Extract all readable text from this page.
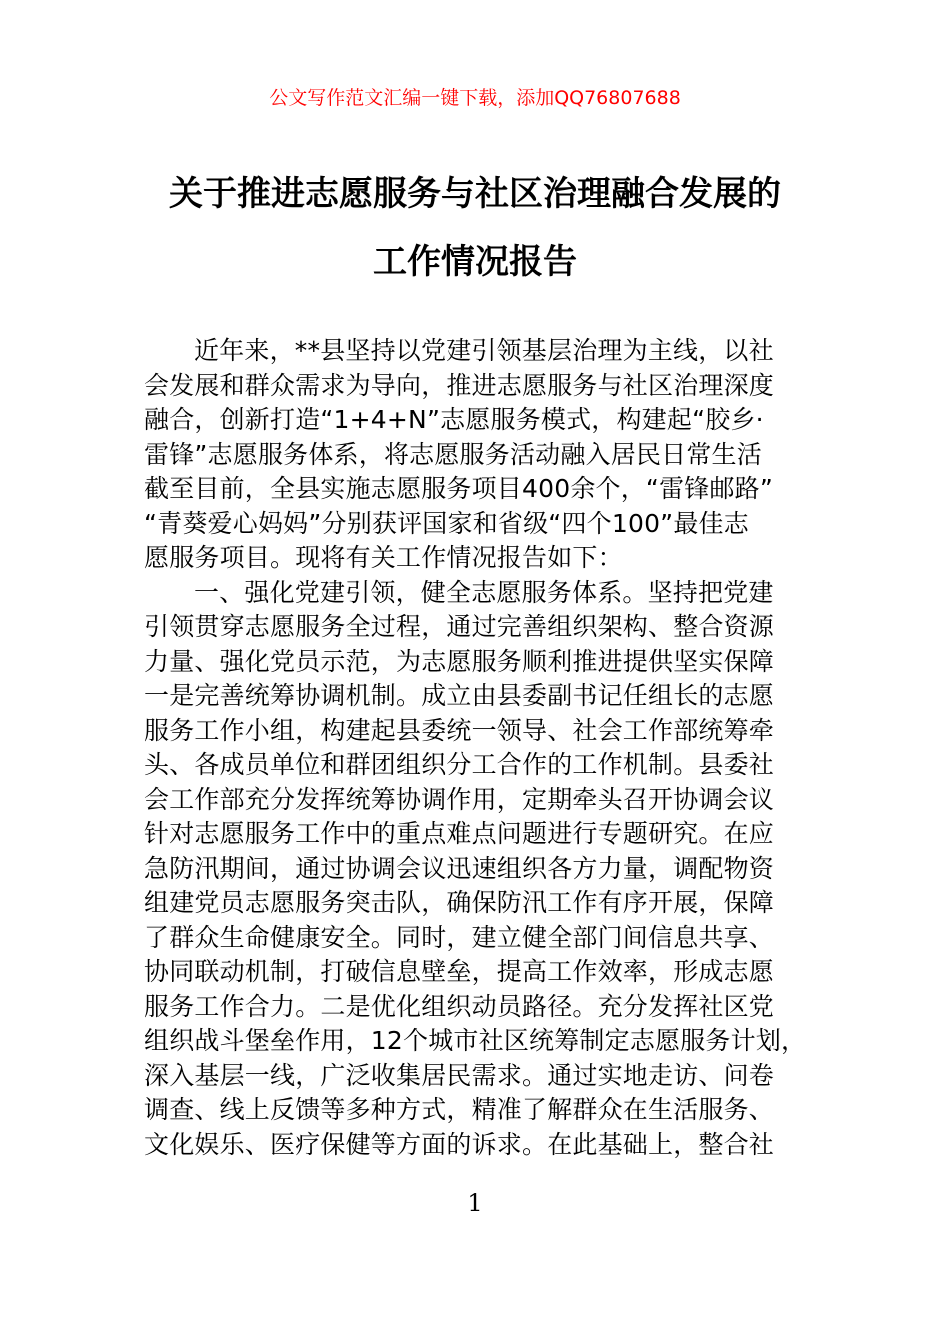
公文写作范文汇编一键下载，添加QQ76807688
关于推进志愿服务与社区治理融合发展的
工作情况报告
近年来，**县坚持以党建引领基层治理为主线，以社
会发展和群众需求为导向，推进志愿服务与社区治理深度
融合，创新打造“1+4+N”志愿服务模式，构建起“胶乡·
雷锋”志愿服务体系，将志愿服务活动融入居民日常生活
截至目前，全县实施志愿服务项目400余个，“雷锋邮路”
“青葵爱心妈妈”分别获评国家和省级“四个100”最佳志
愿服务项目。现将有关工作情况报告如下：
一、强化党建引领，健全志愿服务体系。坚持把党建
引领贯穿志愿服务全过程，通过完善组织架构、整合资源
力量、强化党员示范，为志愿服务顺利推进提供坚实保障
一是完善统筹协调机制。成立由县委副书记任组长的志愿
服务工作小组，构建起县委统一领导、社会工作部统筹牵
头、各成员单位和群团组织分工合作的工作机制。县委社
会工作部充分发挥统筹协调作用，定期牵头召开协调会议
针对志愿服务工作中的重点难点问题进行专题研究。在应
急防汛期间，通过协调会议迅速组织各方力量，调配物资
组建党员志愿服务突击队，确保防汛工作有序开展，保障
了群众生命健康安全。同时，建立健全部门间信息共享、
协同联动机制，打破信息壁垒，提高工作效率，形成志愿
服务工作合力。二是优化组织动员路径。充分发挥社区党
组织战斗堡垒作用，12个城市社区统筹制定志愿服务计划，
深入基层一线，广泛收集居民需求。通过实地走访、问卷
调查、线上反馈等多种方式，精准了解群众在生活服务、
文化娱乐、医疗保健等方面的诉求。在此基础上，整合社
1
